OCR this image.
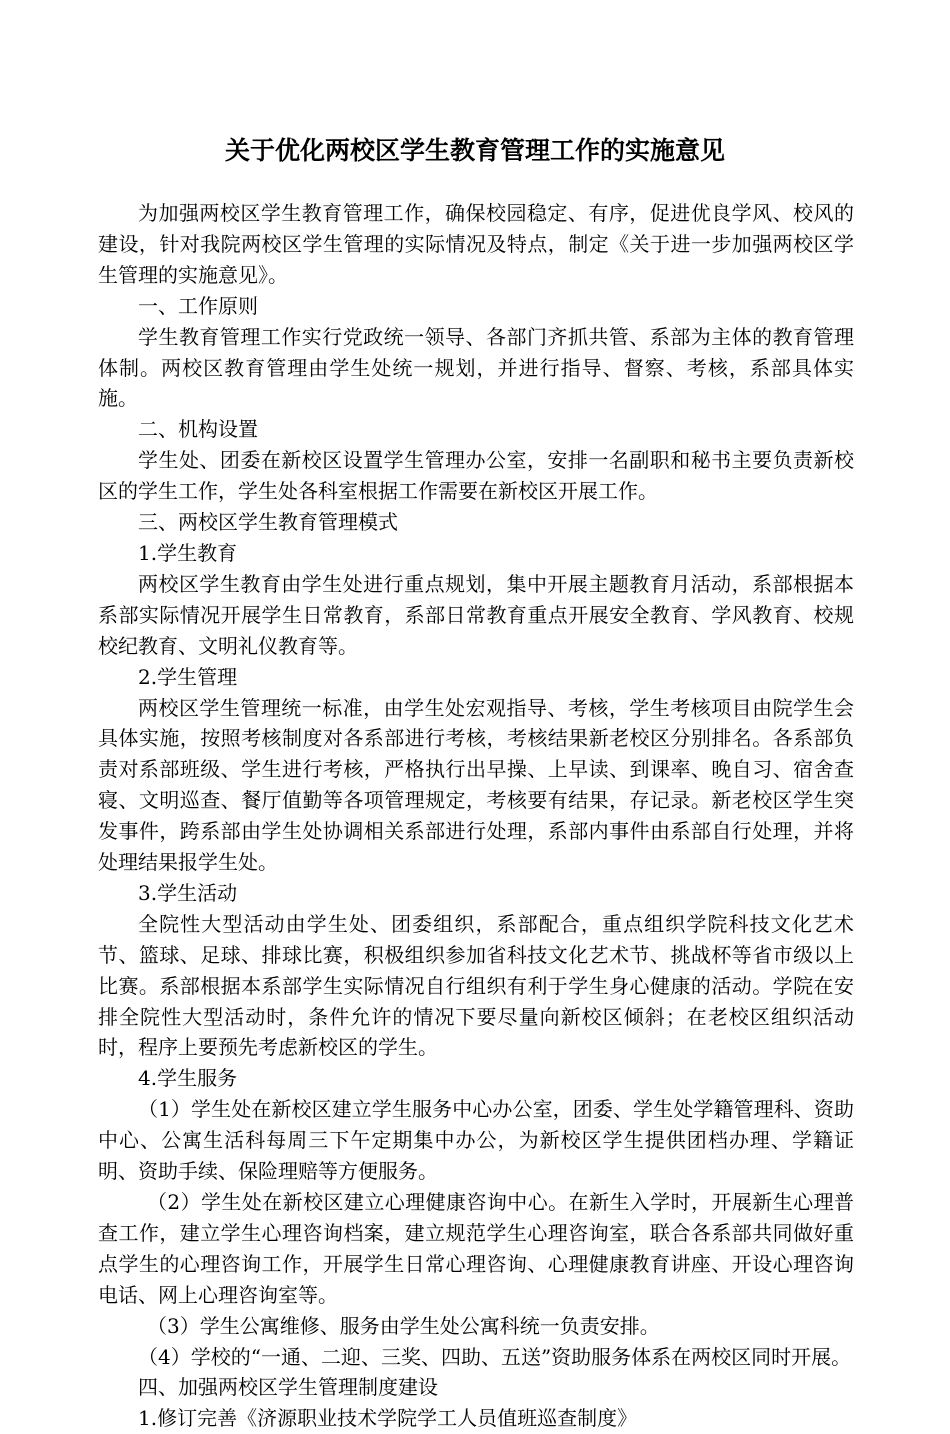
关于优化两校区学生教育管理工作的实施意见

为加强两校区学生教育管理工作，确保校园稳定、有序，促进优良学风、校风的建设，针对我院两校区学生管理的实际情况及特点，制定《关于进一步加强两校区学生管理的实施意见》。

一、工作原则

学生教育管理工作实行党政统一领导、各部门齐抓共管、系部为主体的教育管理体制。两校区教育管理由学生处统一规划，并进行指导、督察、考核，系部具体实施。

二、机构设置

学生处、团委在新校区设置学生管理办公室，安排一名副职和秘书主要负责新校区的学生工作，学生处各科室根据工作需要在新校区开展工作。

三、两校区学生教育管理模式

1.学生教育

两校区学生教育由学生处进行重点规划，集中开展主题教育月活动，系部根据本系部实际情况开展学生日常教育，系部日常教育重点开展安全教育、学风教育、校规校纪教育、文明礼仪教育等。

2.学生管理

两校区学生管理统一标准，由学生处宏观指导、考核，学生考核项目由院学生会具体实施，按照考核制度对各系部进行考核，考核结果新老校区分别排名。各系部负责对系部班级、学生进行考核，严格执行出早操、上早读、到课率、晚自习、宿舍查寝、文明巡查、餐厅值勤等各项管理规定，考核要有结果，存记录。新老校区学生突发事件，跨系部由学生处协调相关系部进行处理，系部内事件由系部自行处理，并将处理结果报学生处。

3.学生活动

全院性大型活动由学生处、团委组织，系部配合，重点组织学院科技文化艺术节、篮球、足球、排球比赛，积极组织参加省科技文化艺术节、挑战杯等省市级以上比赛。系部根据本系部学生实际情况自行组织有利于学生身心健康的活动。学院在安排全院性大型活动时，条件允许的情况下要尽量向新校区倾斜；在老校区组织活动时，程序上要预先考虑新校区的学生。

4.学生服务

（1）学生处在新校区建立学生服务中心办公室，团委、学生处学籍管理科、资助中心、公寓生活科每周三下午定期集中办公，为新校区学生提供团档办理、学籍证明、资助手续、保险理赔等方便服务。

（2）学生处在新校区建立心理健康咨询中心。在新生入学时，开展新生心理普查工作，建立学生心理咨询档案，建立规范学生心理咨询室，联合各系部共同做好重点学生的心理咨询工作，开展学生日常心理咨询、心理健康教育讲座、开设心理咨询电话、网上心理咨询室等。

（3）学生公寓维修、服务由学生处公寓科统一负责安排。

（4）学校的“一通、二迎、三奖、四助、五送”资助服务体系在两校区同时开展。

四、加强两校区学生管理制度建设

1.修订完善《济源职业技术学院学工人员值班巡查制度》
